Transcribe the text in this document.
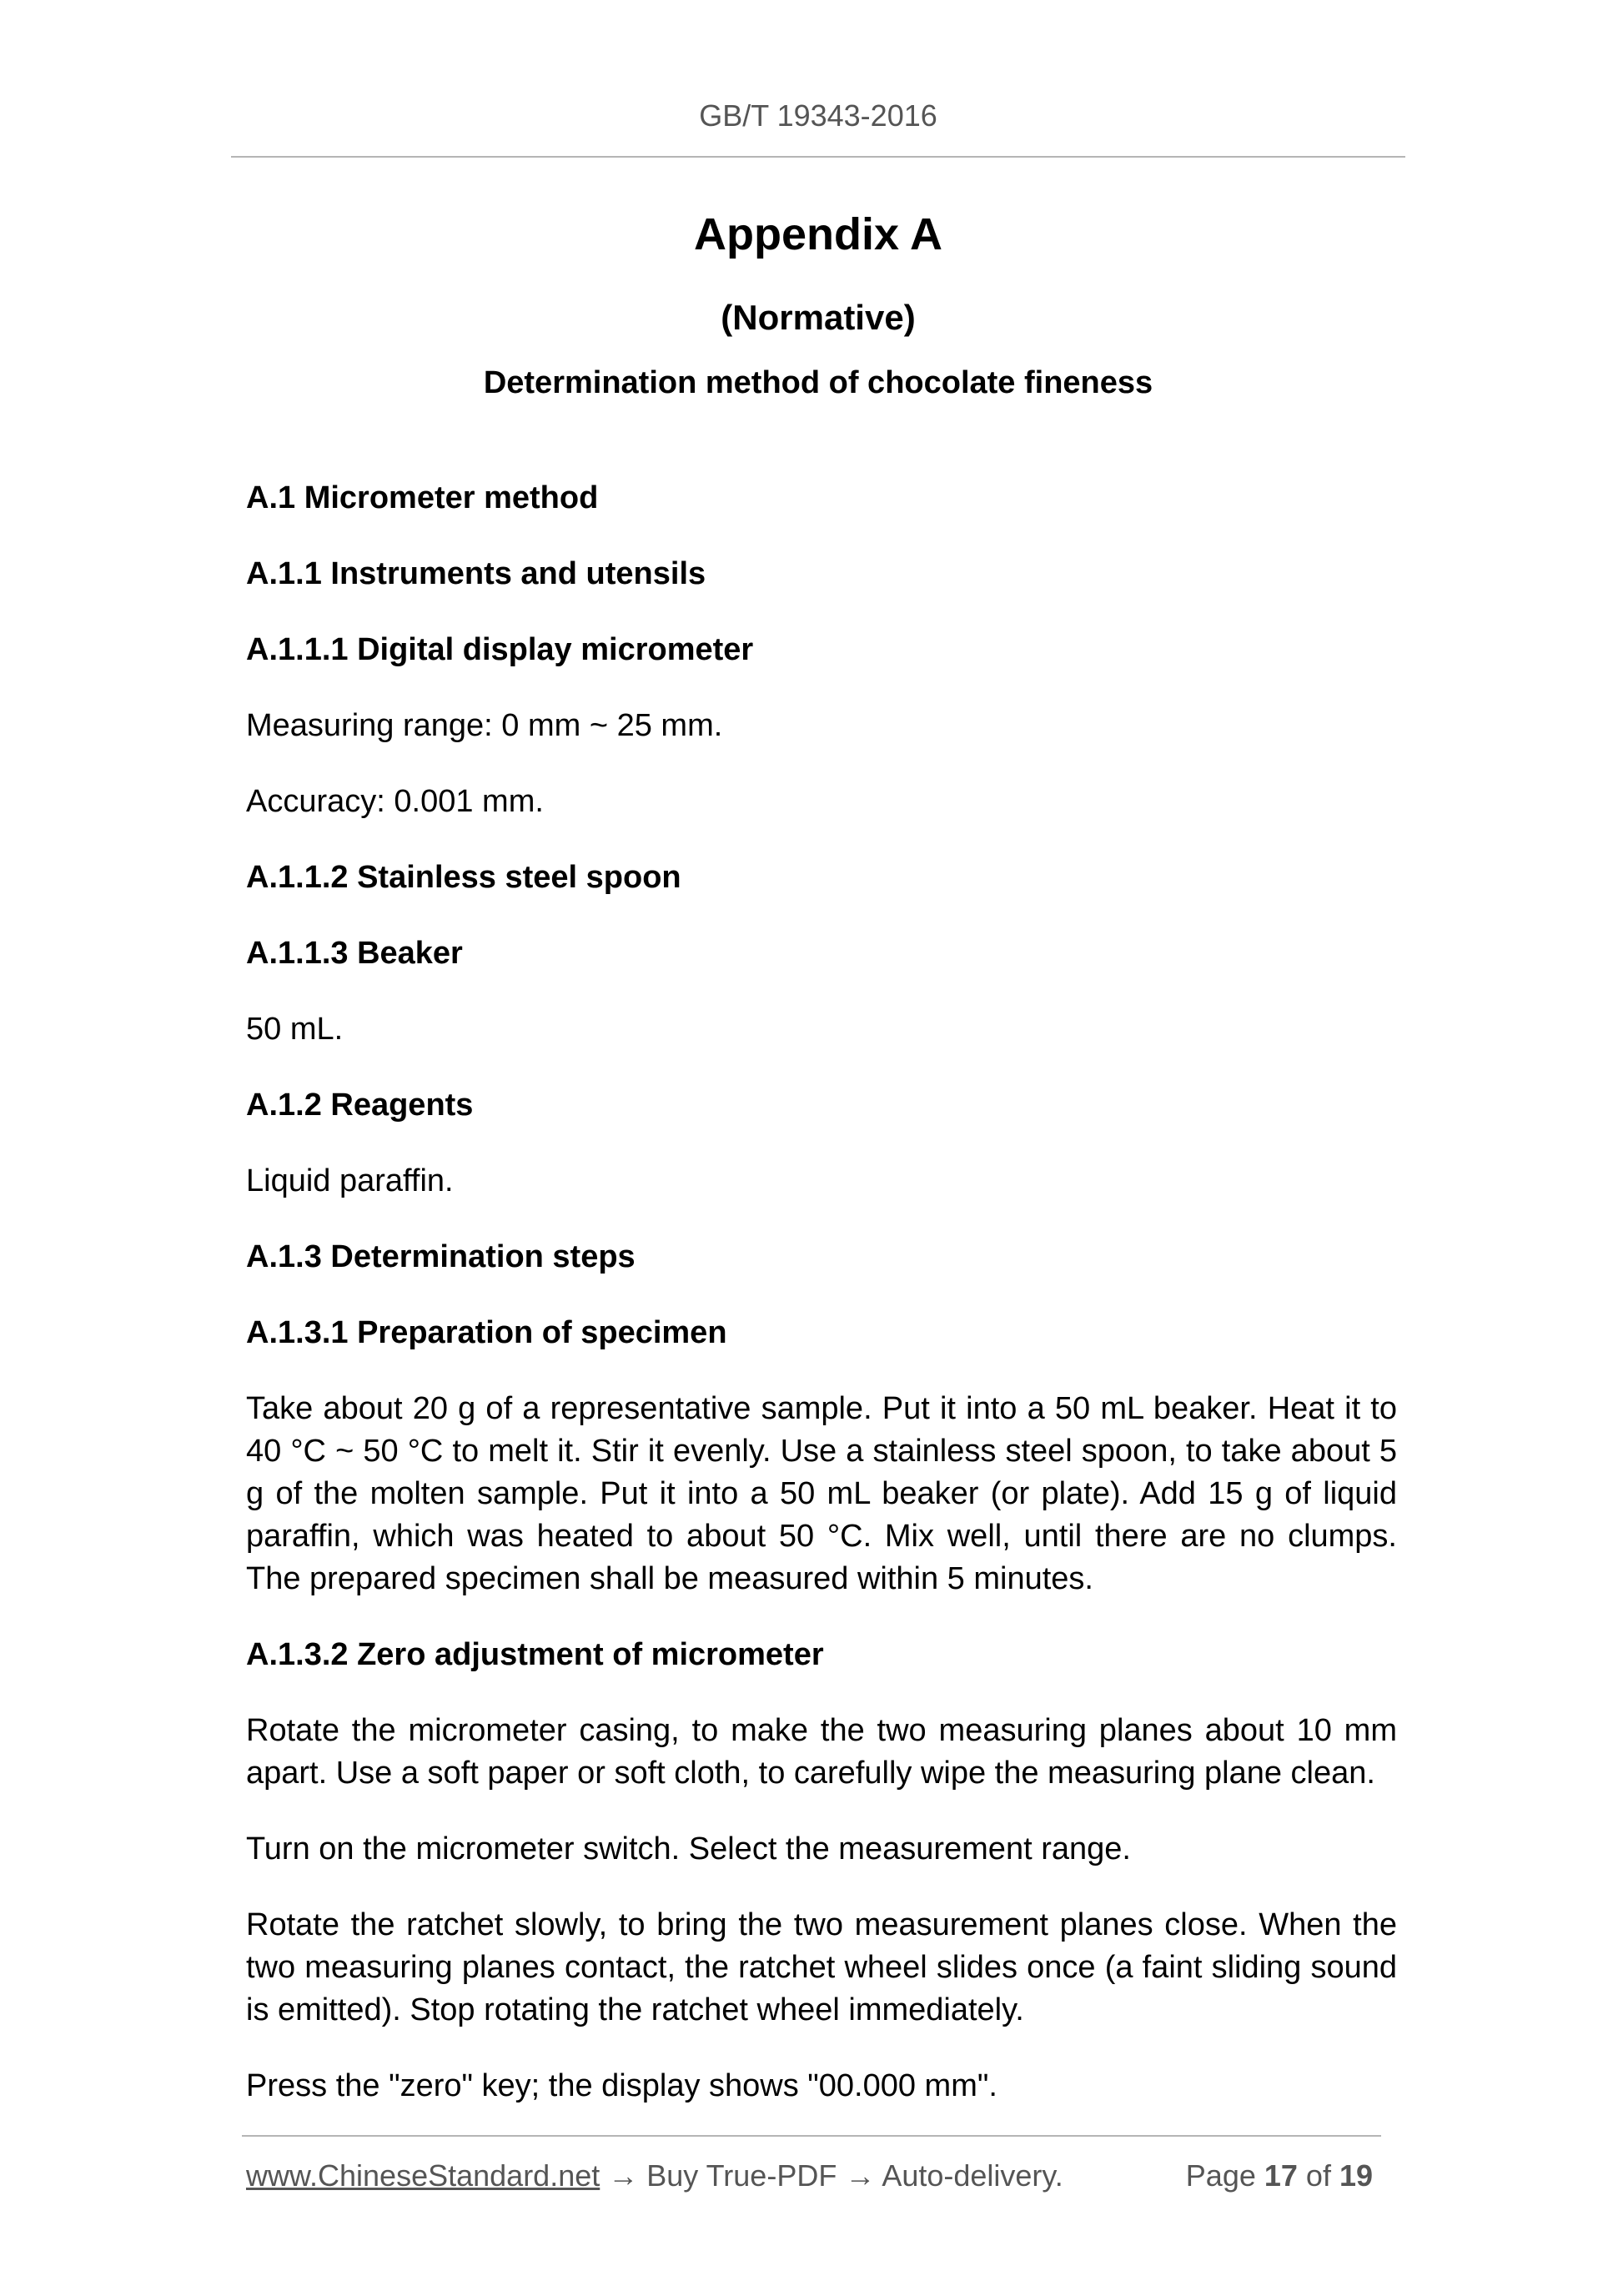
GB/T 19343-2016
Appendix A
(Normative)
Determination method of chocolate fineness
A.1 Micrometer method
A.1.1 Instruments and utensils
A.1.1.1 Digital display micrometer
Measuring range: 0 mm ~ 25 mm.
Accuracy: 0.001 mm.
A.1.1.2 Stainless steel spoon
A.1.1.3 Beaker
50 mL.
A.1.2 Reagents
Liquid paraffin.
A.1.3 Determination steps
A.1.3.1 Preparation of specimen
Take about 20 g of a representative sample. Put it into a 50 mL beaker. Heat it to 40 °C ~ 50 °C to melt it. Stir it evenly. Use a stainless steel spoon, to take about 5 g of the molten sample. Put it into a 50 mL beaker (or plate). Add 15 g of liquid paraffin, which was heated to about 50 °C. Mix well, until there are no clumps. The prepared specimen shall be measured within 5 minutes.
A.1.3.2 Zero adjustment of micrometer
Rotate the micrometer casing, to make the two measuring planes about 10 mm apart. Use a soft paper or soft cloth, to carefully wipe the measuring plane clean.
Turn on the micrometer switch. Select the measurement range.
Rotate the ratchet slowly, to bring the two measurement planes close. When the two measuring planes contact, the ratchet wheel slides once (a faint sliding sound is emitted). Stop rotating the ratchet wheel immediately.
Press the "zero" key; the display shows "00.000 mm".
www.ChineseStandard.net → Buy True-PDF → Auto-delivery.	Page 17 of 19
